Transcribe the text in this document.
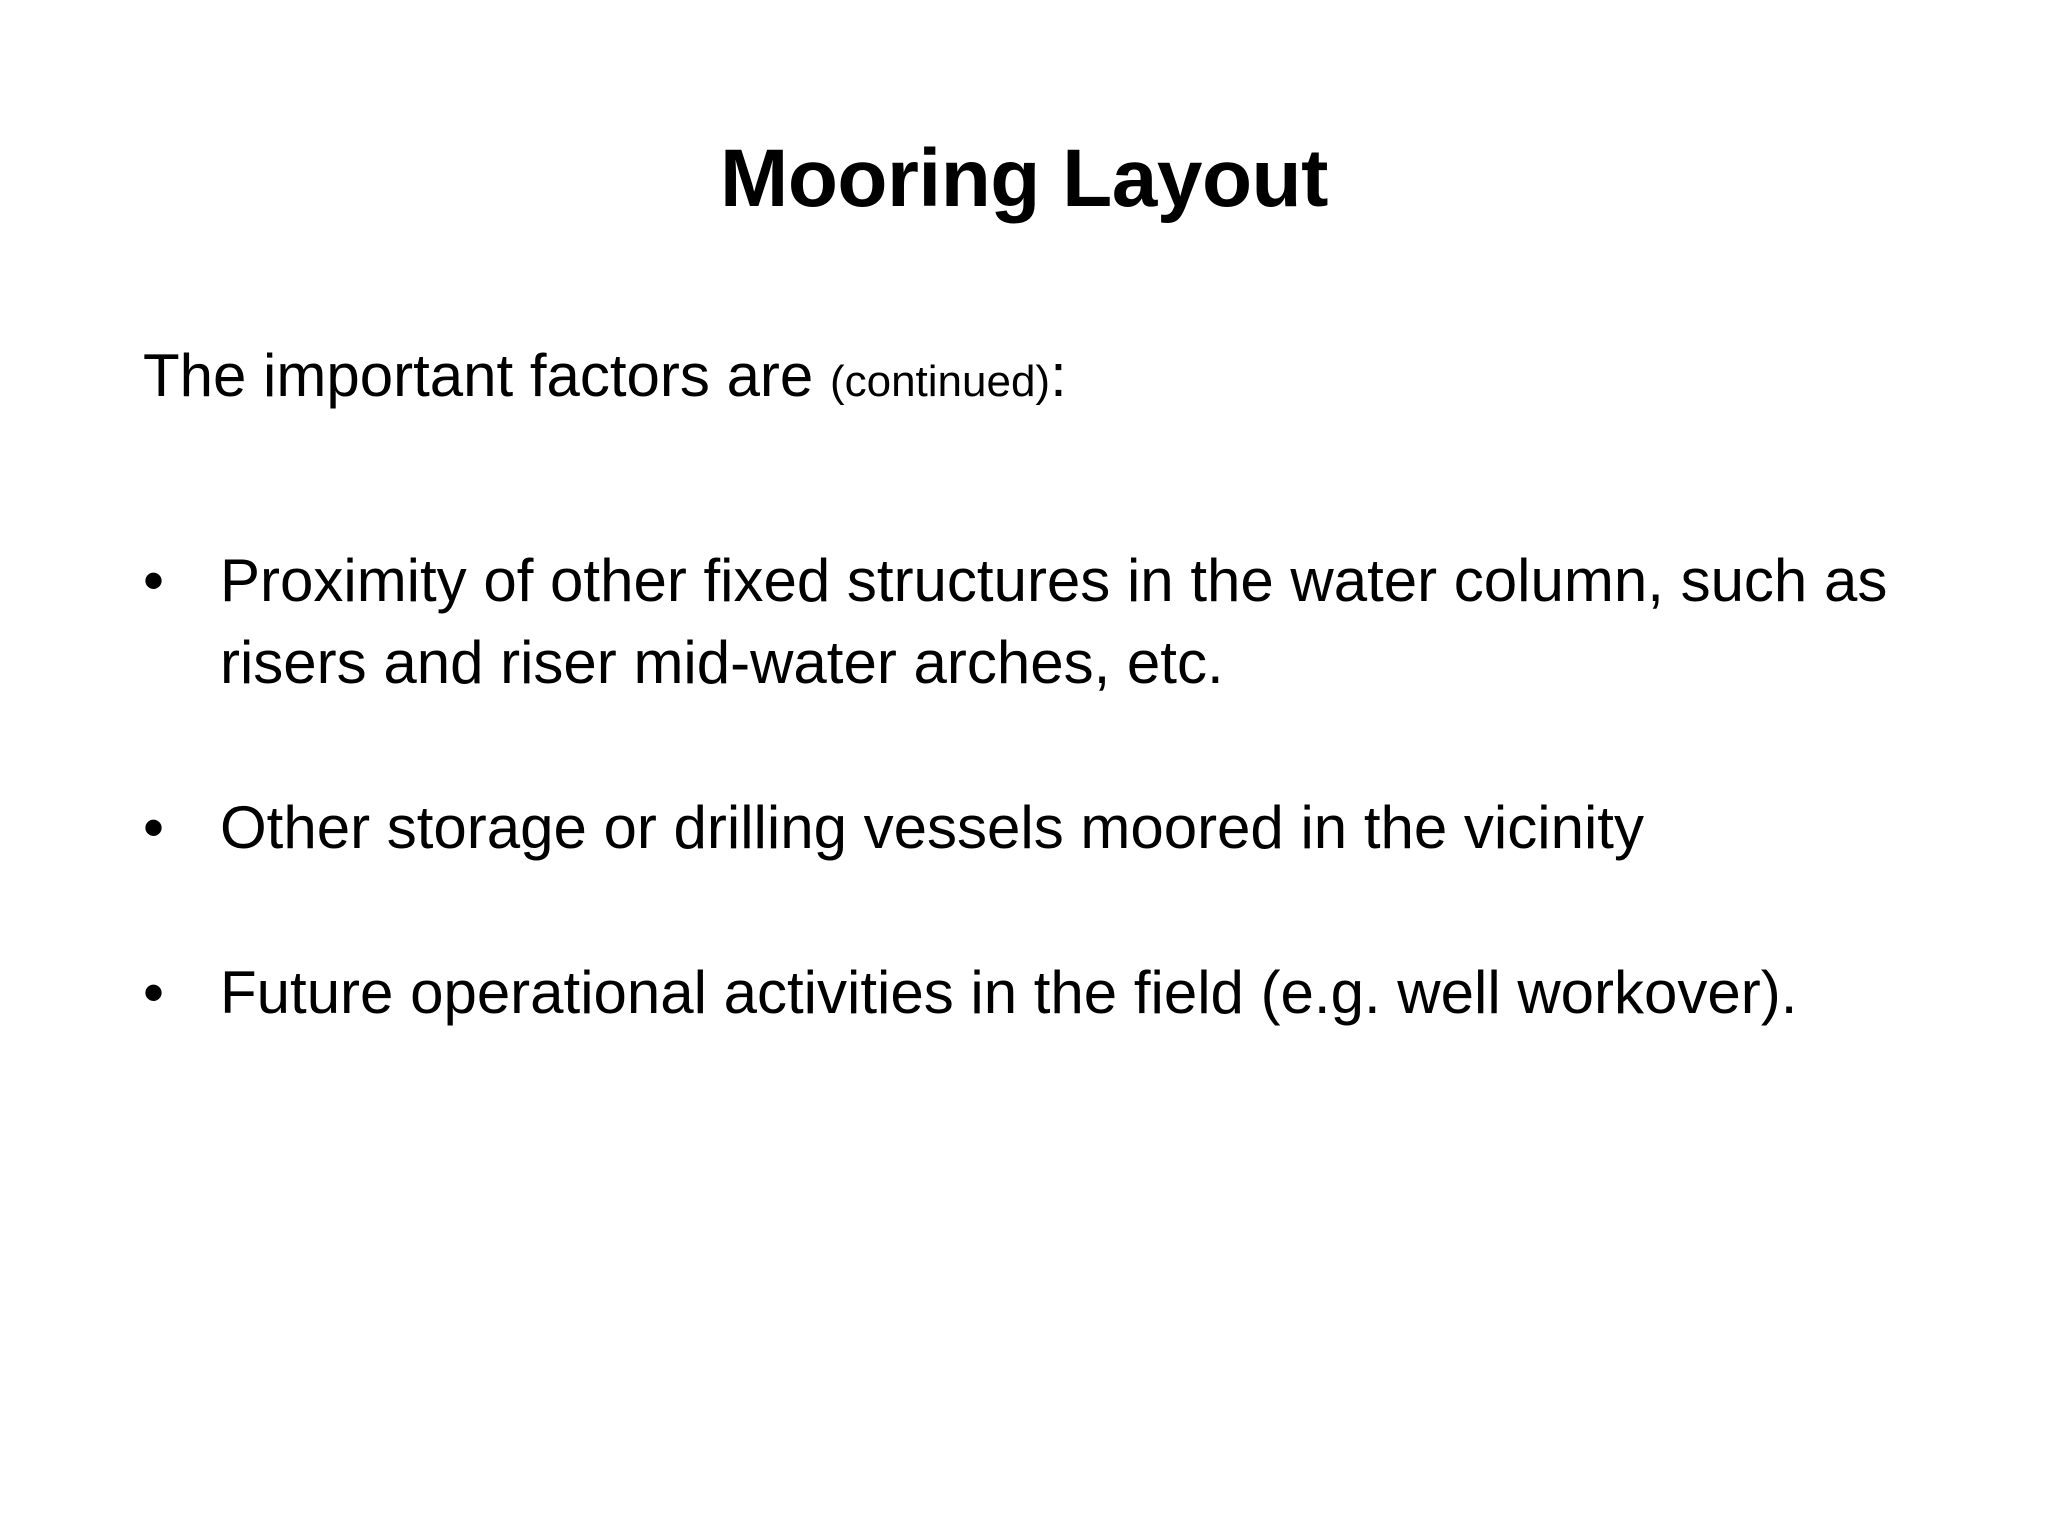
Mooring Layout
The important factors are (continued):
• Proximity of other fixed structures in the water column, such as risers and riser mid-water arches, etc.
• Other storage or drilling vessels moored in the vicinity
• Future operational activities in the field (e.g. well workover).
